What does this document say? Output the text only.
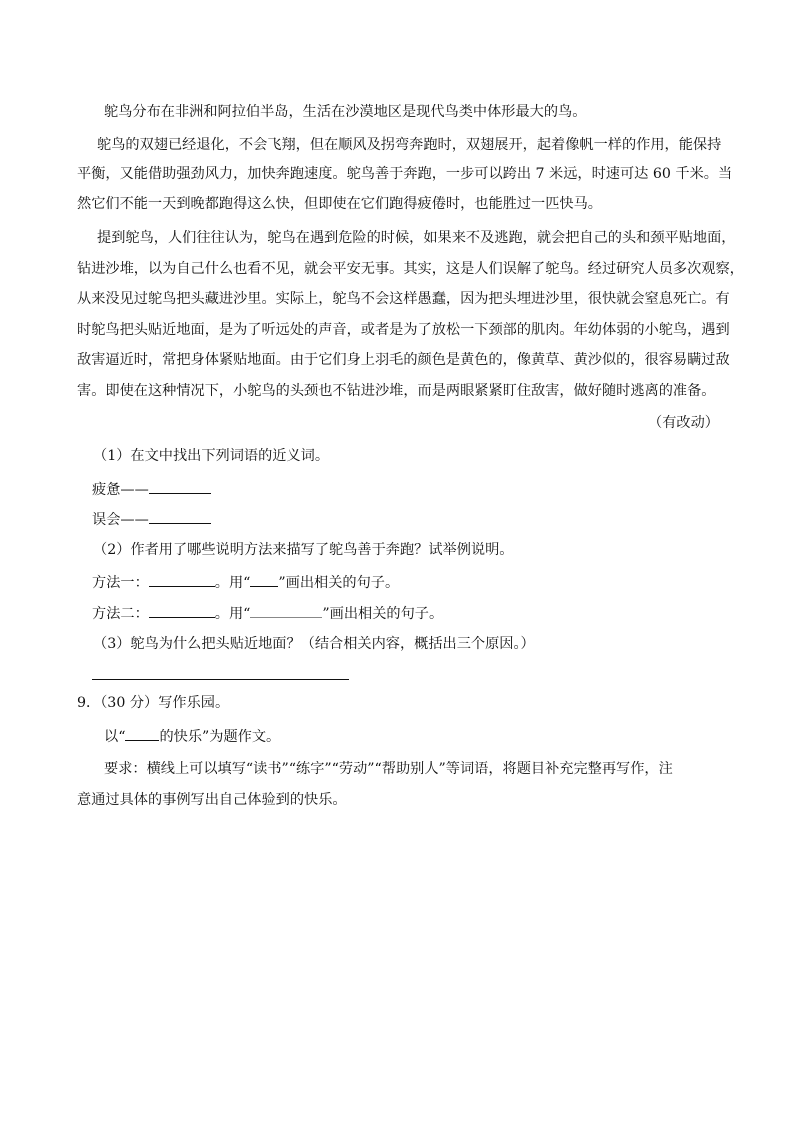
鸵鸟分布在非洲和阿拉伯半岛，生活在沙漠地区是现代鸟类中体形最大的鸟。
鸵鸟的双翅已经退化，不会飞翔，但在顺风及拐弯奔跑时，双翅展开，起着像帆一样的作用，能保持
平衡，又能借助强劲风力，加快奔跑速度。鸵鸟善于奔跑，一步可以跨出 7 米远，时速可达 60 千米。当
然它们不能一天到晚都跑得这么快，但即使在它们跑得疲倦时，也能胜过一匹快马。
提到鸵鸟，人们往往认为，鸵鸟在遇到危险的时候，如果来不及逃跑，就会把自己的头和颈平贴地面，
钻进沙堆，以为自己什么也看不见，就会平安无事。其实，这是人们误解了鸵鸟。经过研究人员多次观察，
从来没见过鸵鸟把头藏进沙里。实际上，鸵鸟不会这样愚蠢，因为把头埋进沙里，很快就会窒息死亡。有
时鸵鸟把头贴近地面，是为了听远处的声音，或者是为了放松一下颈部的肌肉。年幼体弱的小鸵鸟，遇到
敌害逼近时，常把身体紧贴地面。由于它们身上羽毛的颜色是黄色的，像黄草、黄沙似的，很容易瞒过敌
害。即使在这种情况下，小鸵鸟的头颈也不钻进沙堆，而是两眼紧紧盯住敌害，做好随时逃离的准备。
（有改动）
（1）在文中找出下列词语的近义词。
疲惫——
误会——
（2）作者用了哪些说明方法来描写了鸵鸟善于奔跑？试举例说明。
方法一：	。用“ ”画出相关的句子。
方法二：	。用“	”画出相关的句子。
（3）鸵鸟为什么把头贴近地面？（结合相关内容，概括出三个原因。）
9．（30 分）写作乐园。
以“ 的快乐”为题作文。
要求：横线上可以填写“读书”“练字”“劳动”“帮助别人”等词语，将题目补充完整再写作，注
意通过具体的事例写出自己体验到的快乐。
